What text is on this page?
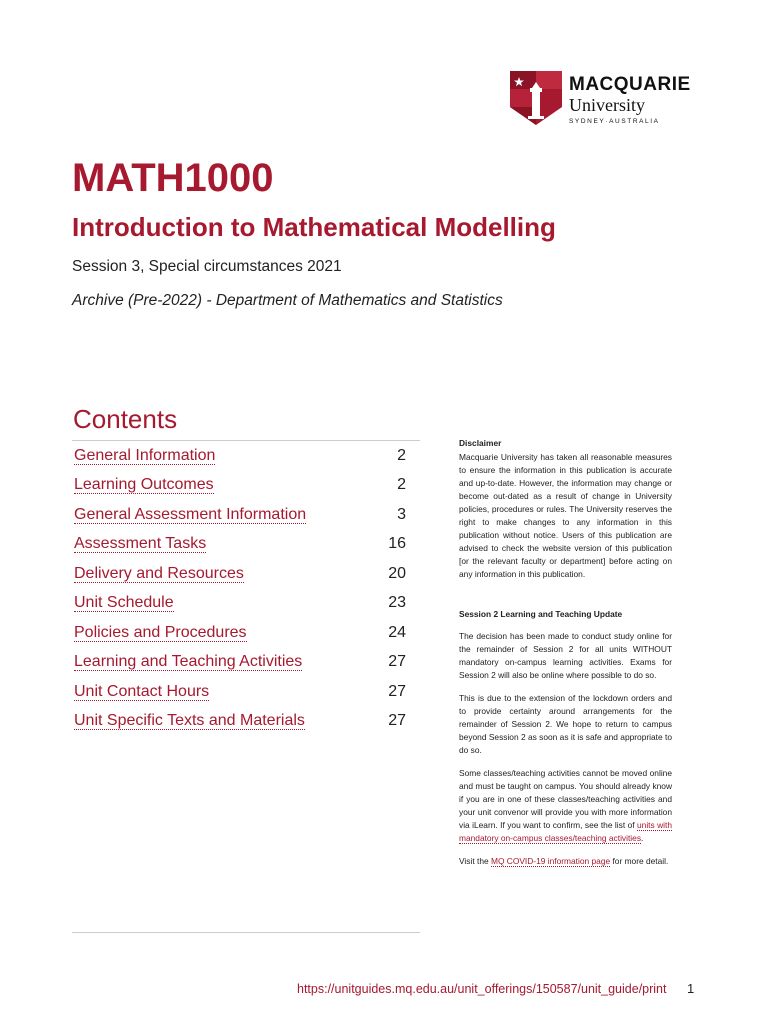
MACQUARIE
University
SYDNEY·AUSTRALIA
MATH1000
Introduction to Mathematical Modelling
Session 3, Special circumstances 2021
Archive (Pre-2022) - Department of Mathematics and Statistics
Contents
General Information	2
Learning Outcomes	2
General Assessment Information	3
Assessment Tasks	16
Delivery and Resources	20
Unit Schedule	23
Policies and Procedures	24
Learning and Teaching Activities	27
Unit Contact Hours	27
Unit Specific Texts and Materials	27
Disclaimer

Macquarie University has taken all reasonable measures to ensure the information in this publication is accurate and up-to-date. However, the information may change or become out-dated as a result of change in University policies, procedures or rules. The University reserves the right to make changes to any information in this publication without notice. Users of this publication are advised to check the website version of this publication [or the relevant faculty or department] before acting on any information in this publication.

Session 2 Learning and Teaching Update

The decision has been made to conduct study online for the remainder of Session 2 for all units WITHOUT mandatory on-campus learning activities. Exams for Session 2 will also be online where possible to do so.

This is due to the extension of the lockdown orders and to provide certainty around arrangements for the remainder of Session 2. We hope to return to campus beyond Session 2 as soon as it is safe and appropriate to do so.

Some classes/teaching activities cannot be moved online and must be taught on campus. You should already know if you are in one of these classes/teaching activities and your unit convenor will provide you with more information via iLearn. If you want to confirm, see the list of units with mandatory on-campus classes/teaching activities.

Visit the MQ COVID-19 information page for more detail.

https://unitguides.mq.edu.au/unit_offerings/150587/unit_guide/print 1
